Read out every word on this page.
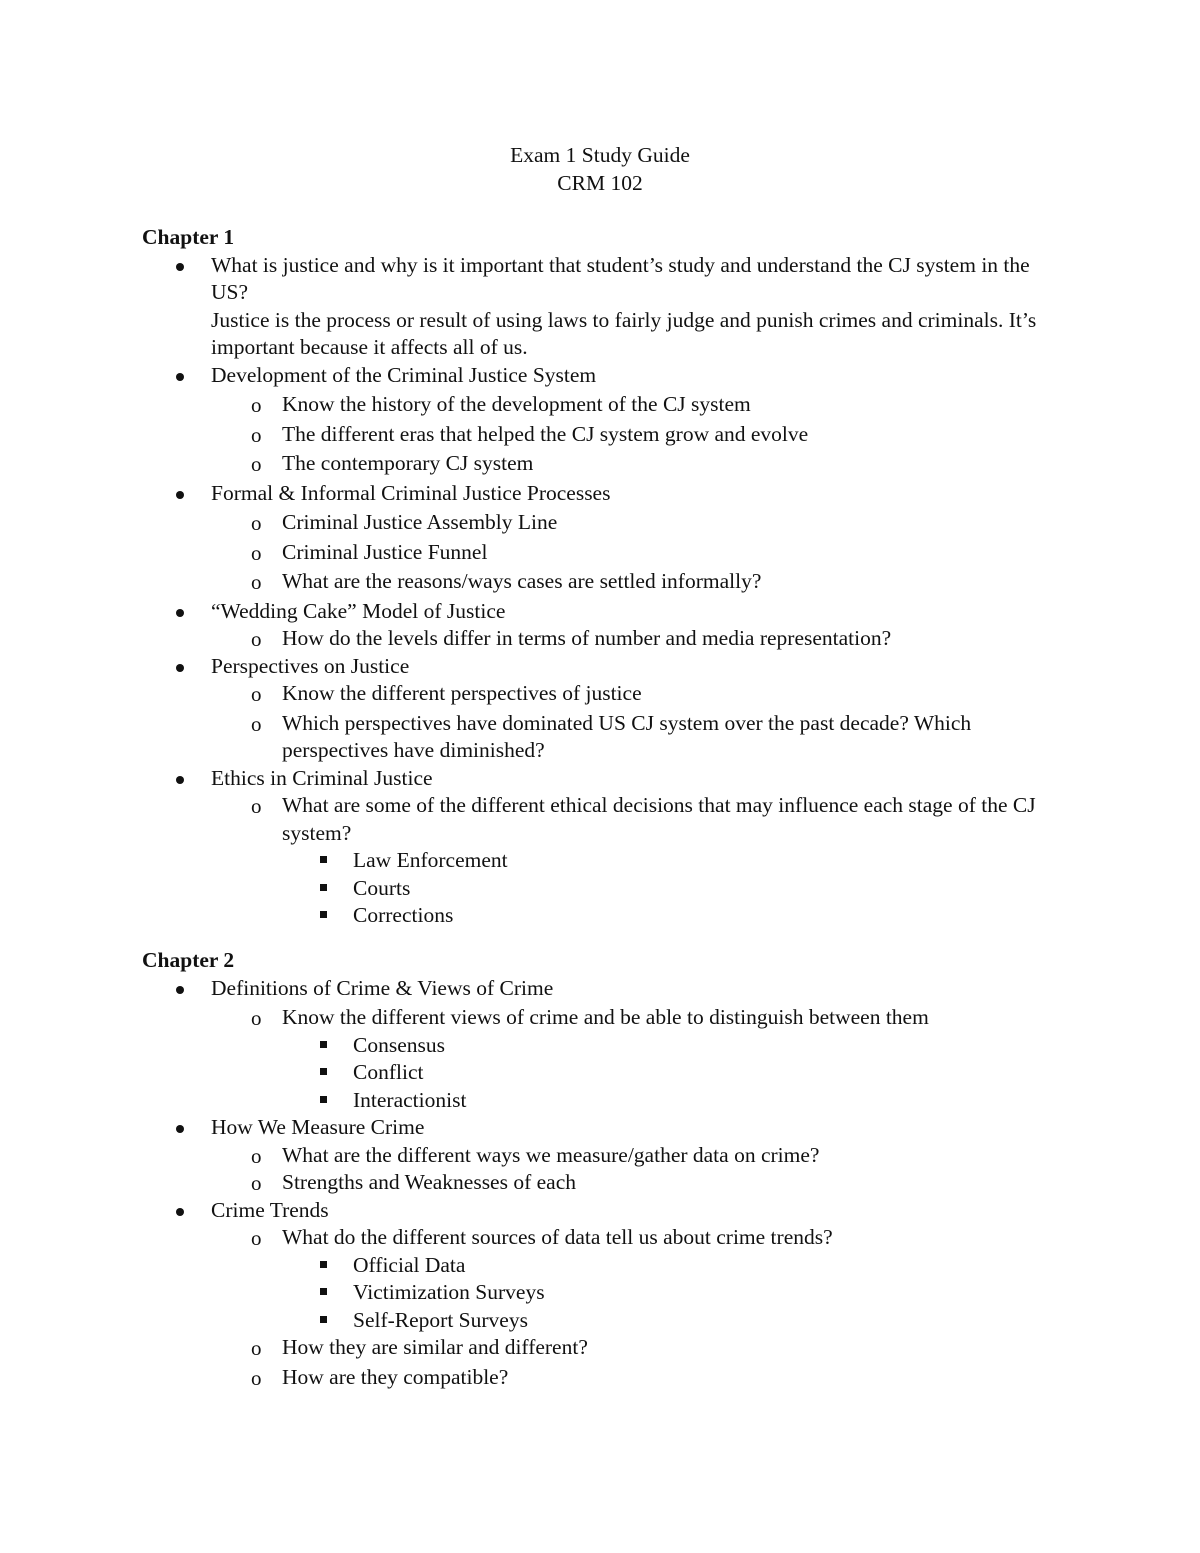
Exam 1 Study Guide
CRM 102
Chapter 1
What is justice and why is it important that student’s study and understand the CJ system in the US?
Justice is the process or result of using laws to fairly judge and punish crimes and criminals. It’s important because it affects all of us.
Development of the Criminal Justice System
o Know the history of the development of the CJ system
o The different eras that helped the CJ system grow and evolve
o The contemporary CJ system
Formal & Informal Criminal Justice Processes
o Criminal Justice Assembly Line
o Criminal Justice Funnel
o What are the reasons/ways cases are settled informally?
“Wedding Cake” Model of Justice
o How do the levels differ in terms of number and media representation?
Perspectives on Justice
o Know the different perspectives of justice
o Which perspectives have dominated US CJ system over the past decade? Which perspectives have diminished?
Ethics in Criminal Justice
o What are some of the different ethical decisions that may influence each stage of the CJ system?
Law Enforcement
Courts
Corrections
Chapter 2
Definitions of Crime & Views of Crime
o Know the different views of crime and be able to distinguish between them
Consensus
Conflict
Interactionist
How We Measure Crime
o What are the different ways we measure/gather data on crime?
o Strengths and Weaknesses of each
Crime Trends
o What do the different sources of data tell us about crime trends?
Official Data
Victimization Surveys
Self-Report Surveys
o How they are similar and different?
o How are they compatible?
